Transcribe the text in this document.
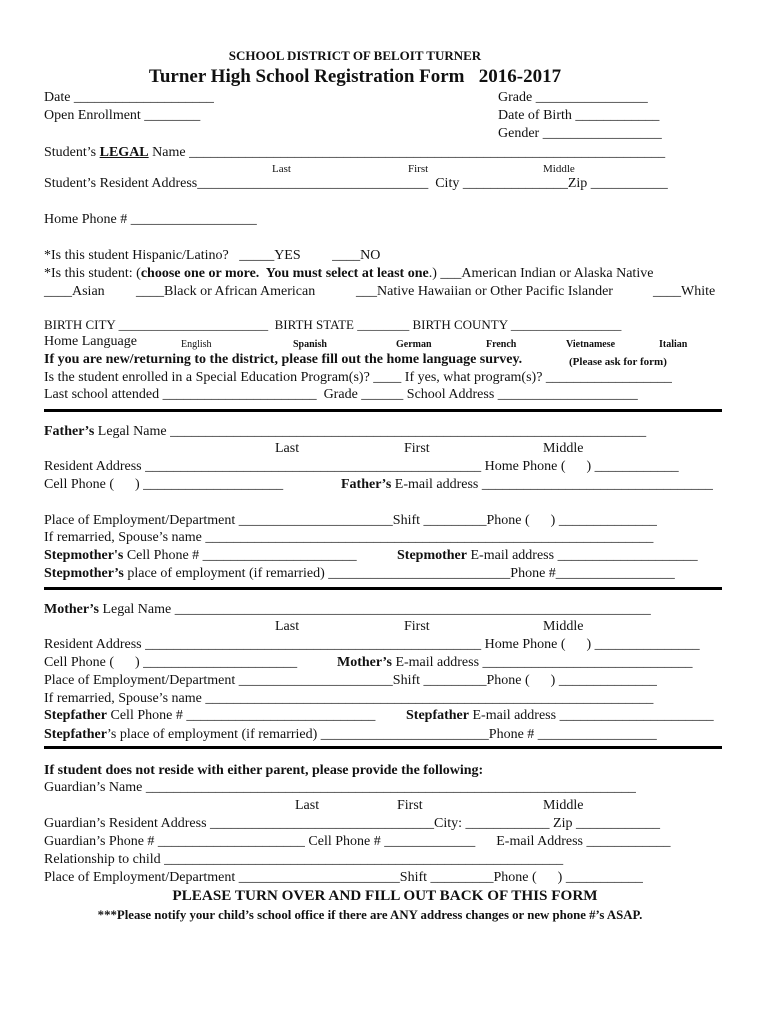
SCHOOL DISTRICT OF BELOIT TURNER
Turner High School Registration Form   2016-2017
Date ____________________
Open Enrollment ________
Grade ________________
Date of Birth ____________
Gender _________________
Student’s LEGAL Name ____________________________________________________________________
Last	First	Middle
Student’s Resident Address_________________________________  City _______________Zip ___________
Home Phone # __________________
*Is this student Hispanic/Latino?   _____YES         ____NO
*Is this student: (choose one or more.  You must select at least one.) ___American Indian or Alaska Native
____Asian ____Black or African American	___Native Hawaiian or Other Pacific Islander	____White
BIRTH CITY _______________________  BIRTH STATE ________ BIRTH COUNTY _________________
Home Language	English	Spanish	German	French	Vietnamese	Italian
If you are new/returning to the district, please fill out the home language survey.	(Please ask for form)
Is the student enrolled in a Special Education Program(s)? ____ If yes, what program(s)? __________________
Last school attended ______________________  Grade ______ School Address ____________________
Father’s Legal Name ____________________________________________________________________
Last	First	Middle
Resident Address ________________________________________________ Home Phone (      ) ____________
Cell Phone (      ) ____________________	Father’s E-mail address _________________________________
Place of Employment/Department ______________________Shift _________Phone (      ) ______________
If remarried, Spouse’s name ________________________________________________________________
Stepmother's Cell Phone # ______________________	Stepmother E-mail address ____________________
Stepmother’s place of employment (if remarried) __________________________Phone #_________________
Mother’s Legal Name ____________________________________________________________________
Last	First	Middle
Resident Address ________________________________________________ Home Phone (      ) _______________
Cell Phone (      ) ______________________	Mother’s E-mail address ______________________________
Place of Employment/Department ______________________Shift _________Phone (      ) ______________
If remarried, Spouse’s name ________________________________________________________________
Stepfather Cell Phone # ___________________________ Stepfather E-mail address ______________________
Stepfather’s place of employment (if remarried) ________________________Phone # _________________
If student does not reside with either parent, please provide the following:
Guardian’s Name ______________________________________________________________________
Last	First	Middle
Guardian’s Resident Address ________________________________City: ____________ Zip ____________
Guardian’s Phone # _____________________ Cell Phone # _____________      E-mail Address ____________
Relationship to child _________________________________________________________
Place of Employment/Department _______________________Shift _________Phone (      ) ___________
PLEASE TURN OVER AND FILL OUT BACK OF THIS FORM
***Please notify your child’s school office if there are ANY address changes or new phone #’s ASAP.
